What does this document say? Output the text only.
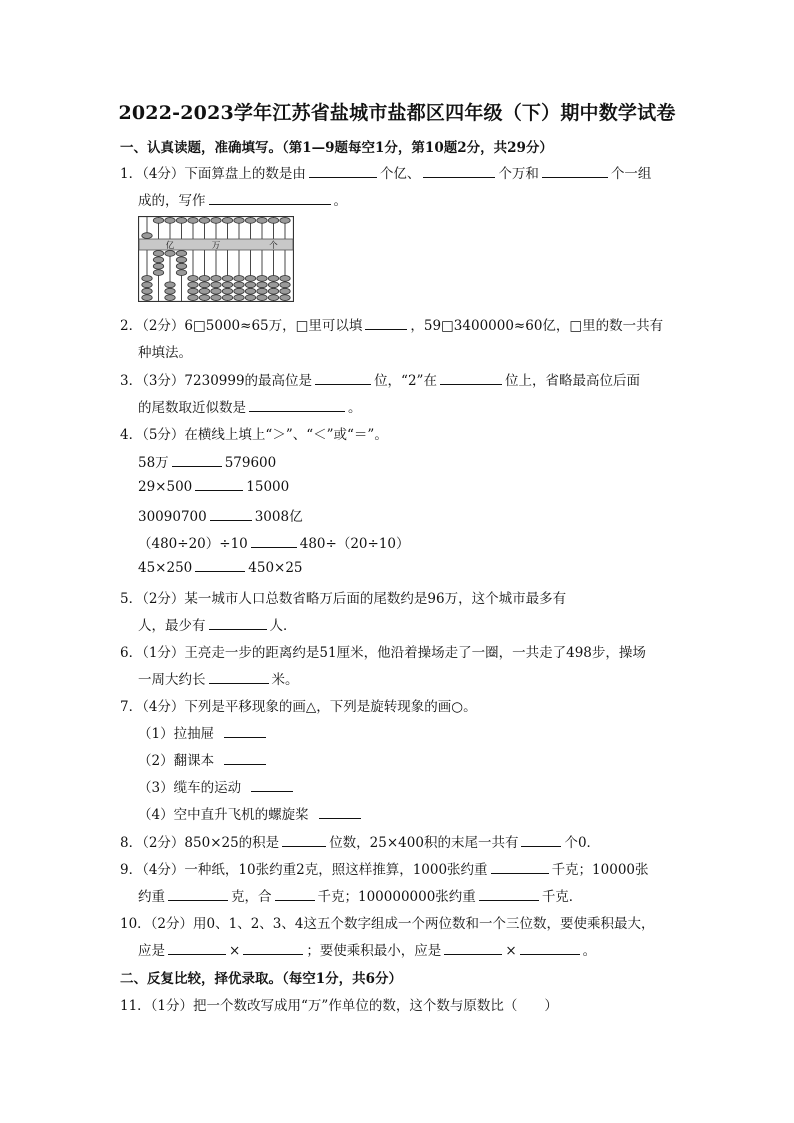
2022-2023学年江苏省盐城市盐都区四年级（下）期中数学试卷
一、认真读题，准确填写。（第1—9题每空1分，第10题2分，共29分）
1．（4分）下面算盘上的数是由	个亿、	个万和	个一组
成的，写作	。
亿	万	个
2．（2分）6□5000≈65万，□里可以填	，59□3400000≈60亿，□里的数一共有
种填法。
3．（3分）7230999的最高位是	位，“2”在	位上，省略最高位后面
的尾数取近似数是	。
4．（5分）在横线上填上“＞”、“＜”或“＝”。
58万	579600
29×500	15000
30090700	3008亿
（480÷20）÷10	480÷（20÷10）
45×250	450×25
5．（2分）某一城市人口总数省略万后面的尾数约是96万，这个城市最多有
人，最少有	人．
6．（1分）王亮走一步的距离约是51厘米，他沿着操场走了一圈，一共走了498步，操场
一周大约长	米。
7．（4分）下列是平移现象的画△，下列是旋转现象的画○。
（1）拉抽屉
（2）翻课本
（3）缆车的运动
（4）空中直升飞机的螺旋桨
8．（2分）850×25的积是	位数，25×400积的末尾一共有	个0．
9．（4分）一种纸，10张约重2克，照这样推算，1000张约重	千克；10000张
约重	克，合	千克；100000000张约重	千克．
10．（2分）用0、1、2、3、4这五个数字组成一个两位数和一个三位数，要使乘积最大，
应是	×	；要使乘积最小，应是	×	。
二、反复比较，择优录取。（每空1分，共6分）
11．（1分）把一个数改写成用“万”作单位的数，这个数与原数比（　　）
